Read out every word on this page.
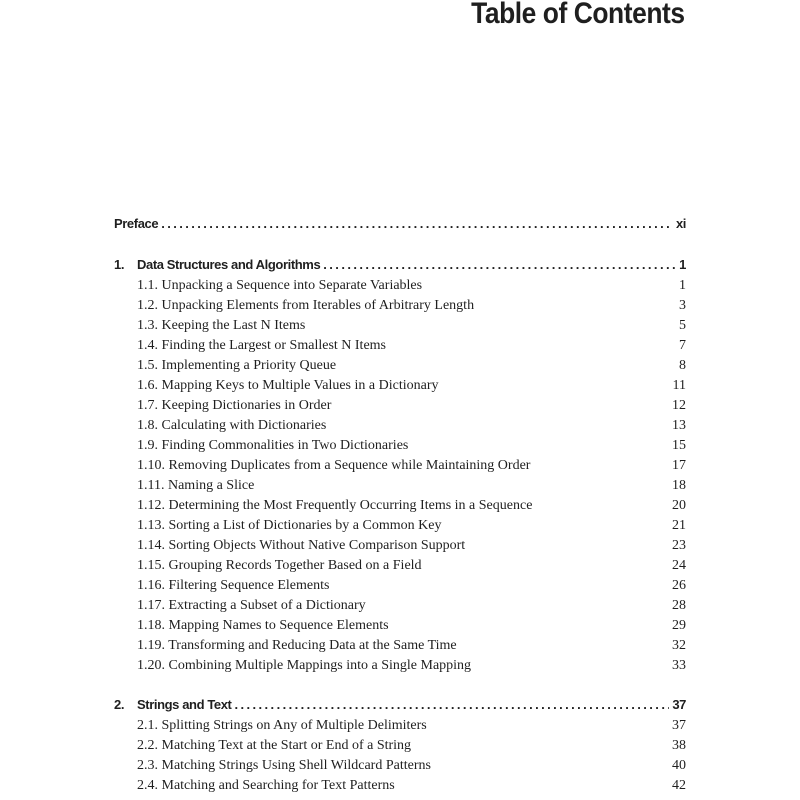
Table of Contents
Preface .....	xi
1. Data Structures and Algorithms .....	1
1.1. Unpacking a Sequence into Separate Variables	1
1.2. Unpacking Elements from Iterables of Arbitrary Length	3
1.3. Keeping the Last N Items	5
1.4. Finding the Largest or Smallest N Items	7
1.5. Implementing a Priority Queue	8
1.6. Mapping Keys to Multiple Values in a Dictionary	11
1.7. Keeping Dictionaries in Order	12
1.8. Calculating with Dictionaries	13
1.9. Finding Commonalities in Two Dictionaries	15
1.10. Removing Duplicates from a Sequence while Maintaining Order	17
1.11. Naming a Slice	18
1.12. Determining the Most Frequently Occurring Items in a Sequence	20
1.13. Sorting a List of Dictionaries by a Common Key	21
1.14. Sorting Objects Without Native Comparison Support	23
1.15. Grouping Records Together Based on a Field	24
1.16. Filtering Sequence Elements	26
1.17. Extracting a Subset of a Dictionary	28
1.18. Mapping Names to Sequence Elements	29
1.19. Transforming and Reducing Data at the Same Time	32
1.20. Combining Multiple Mappings into a Single Mapping	33
2. Strings and Text .....	37
2.1. Splitting Strings on Any of Multiple Delimiters	37
2.2. Matching Text at the Start or End of a String	38
2.3. Matching Strings Using Shell Wildcard Patterns	40
2.4. Matching and Searching for Text Patterns	42
